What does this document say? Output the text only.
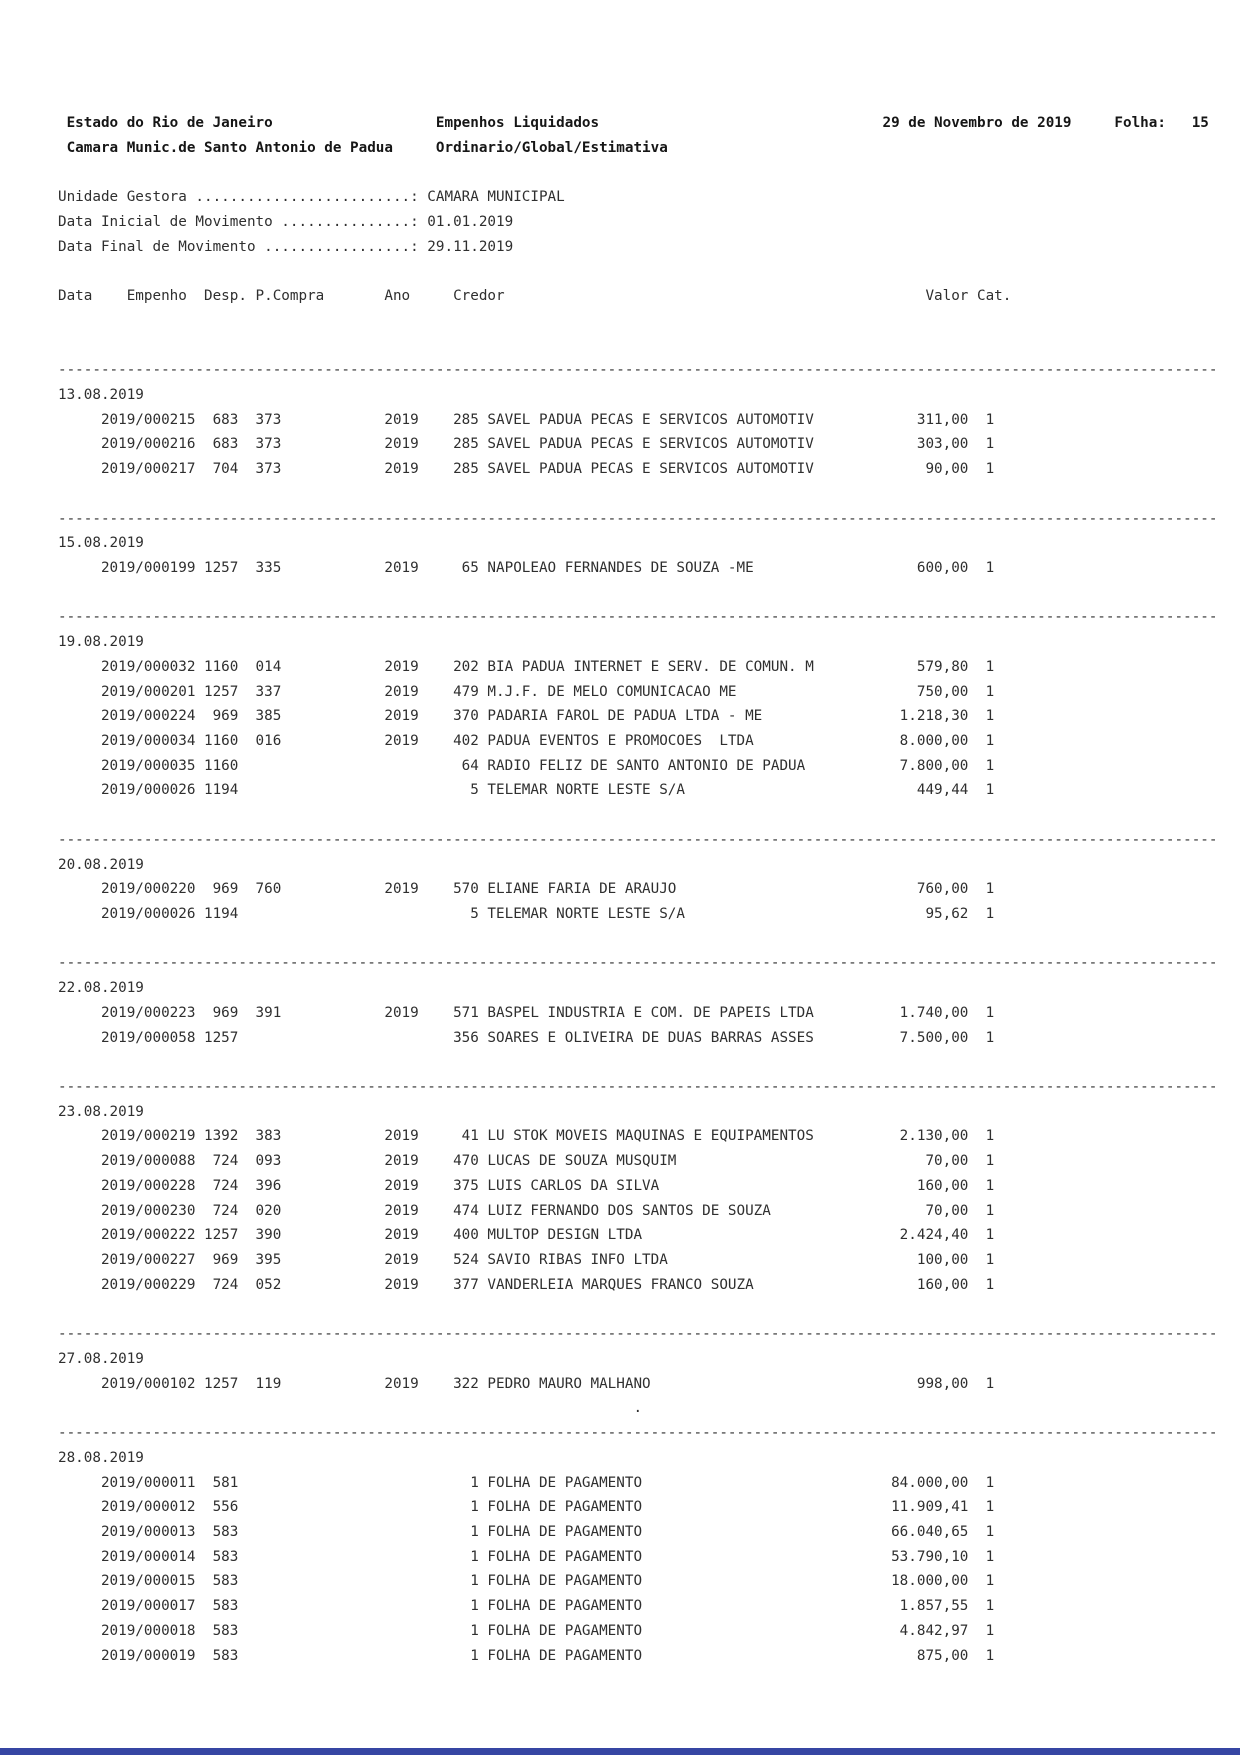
Estado do Rio de Janeiro                   Empenhos Liquidados                                 29 de Novembro de 2019     Folha:   15
Camara Munic.de Santo Antonio de Padua     Ordinario/Global/Estimativa
Unidade Gestora .........................: CAMARA MUNICIPAL
Data Inicial de Movimento ...............: 01.01.2019
Data Final de Movimento .................: 29.11.2019
Data    Empenho  Desp. P.Compra       Ano     Credor                                                 Valor Cat.
---------------------------------------------------------------------------------------------------------------------------------------
13.08.2019
2019/000215  683  373            2019    285 SAVEL PADUA PECAS E SERVICOS AUTOMOTIV            311,00  1
2019/000216  683  373            2019    285 SAVEL PADUA PECAS E SERVICOS AUTOMOTIV            303,00  1
2019/000217  704  373            2019    285 SAVEL PADUA PECAS E SERVICOS AUTOMOTIV             90,00  1
---------------------------------------------------------------------------------------------------------------------------------------
15.08.2019
2019/000199 1257  335            2019     65 NAPOLEAO FERNANDES DE SOUZA -ME                   600,00  1
---------------------------------------------------------------------------------------------------------------------------------------
19.08.2019
2019/000032 1160  014            2019    202 BIA PADUA INTERNET E SERV. DE COMUN. M            579,80  1
2019/000201 1257  337            2019    479 M.J.F. DE MELO COMUNICACAO ME                     750,00  1
2019/000224  969  385            2019    370 PADARIA FAROL DE PADUA LTDA - ME                1.218,30  1
2019/000034 1160  016            2019    402 PADUA EVENTOS E PROMOCOES  LTDA                 8.000,00  1
2019/000035 1160                          64 RADIO FELIZ DE SANTO ANTONIO DE PADUA           7.800,00  1
2019/000026 1194                           5 TELEMAR NORTE LESTE S/A                           449,44  1
---------------------------------------------------------------------------------------------------------------------------------------
20.08.2019
2019/000220  969  760            2019    570 ELIANE FARIA DE ARAUJO                            760,00  1
2019/000026 1194                           5 TELEMAR NORTE LESTE S/A                            95,62  1
---------------------------------------------------------------------------------------------------------------------------------------
22.08.2019
2019/000223  969  391            2019    571 BASPEL INDUSTRIA E COM. DE PAPEIS LTDA          1.740,00  1
2019/000058 1257                         356 SOARES E OLIVEIRA DE DUAS BARRAS ASSES          7.500,00  1
---------------------------------------------------------------------------------------------------------------------------------------
23.08.2019
2019/000219 1392  383            2019     41 LU STOK MOVEIS MAQUINAS E EQUIPAMENTOS          2.130,00  1
2019/000088  724  093            2019    470 LUCAS DE SOUZA MUSQUIM                             70,00  1
2019/000228  724  396            2019    375 LUIS CARLOS DA SILVA                              160,00  1
2019/000230  724  020            2019    474 LUIZ FERNANDO DOS SANTOS DE SOUZA                  70,00  1
2019/000222 1257  390            2019    400 MULTOP DESIGN LTDA                              2.424,40  1
2019/000227  969  395            2019    524 SAVIO RIBAS INFO LTDA                             100,00  1
2019/000229  724  052            2019    377 VANDERLEIA MARQUES FRANCO SOUZA                   160,00  1
---------------------------------------------------------------------------------------------------------------------------------------
27.08.2019
2019/000102 1257  119            2019    322 PEDRO MAURO MALHANO                               998,00  1
.
---------------------------------------------------------------------------------------------------------------------------------------
28.08.2019
2019/000011  581                           1 FOLHA DE PAGAMENTO                             84.000,00  1
2019/000012  556                           1 FOLHA DE PAGAMENTO                             11.909,41  1
2019/000013  583                           1 FOLHA DE PAGAMENTO                             66.040,65  1
2019/000014  583                           1 FOLHA DE PAGAMENTO                             53.790,10  1
2019/000015  583                           1 FOLHA DE PAGAMENTO                             18.000,00  1
2019/000017  583                           1 FOLHA DE PAGAMENTO                              1.857,55  1
2019/000018  583                           1 FOLHA DE PAGAMENTO                              4.842,97  1
2019/000019  583                           1 FOLHA DE PAGAMENTO                                875,00  1
